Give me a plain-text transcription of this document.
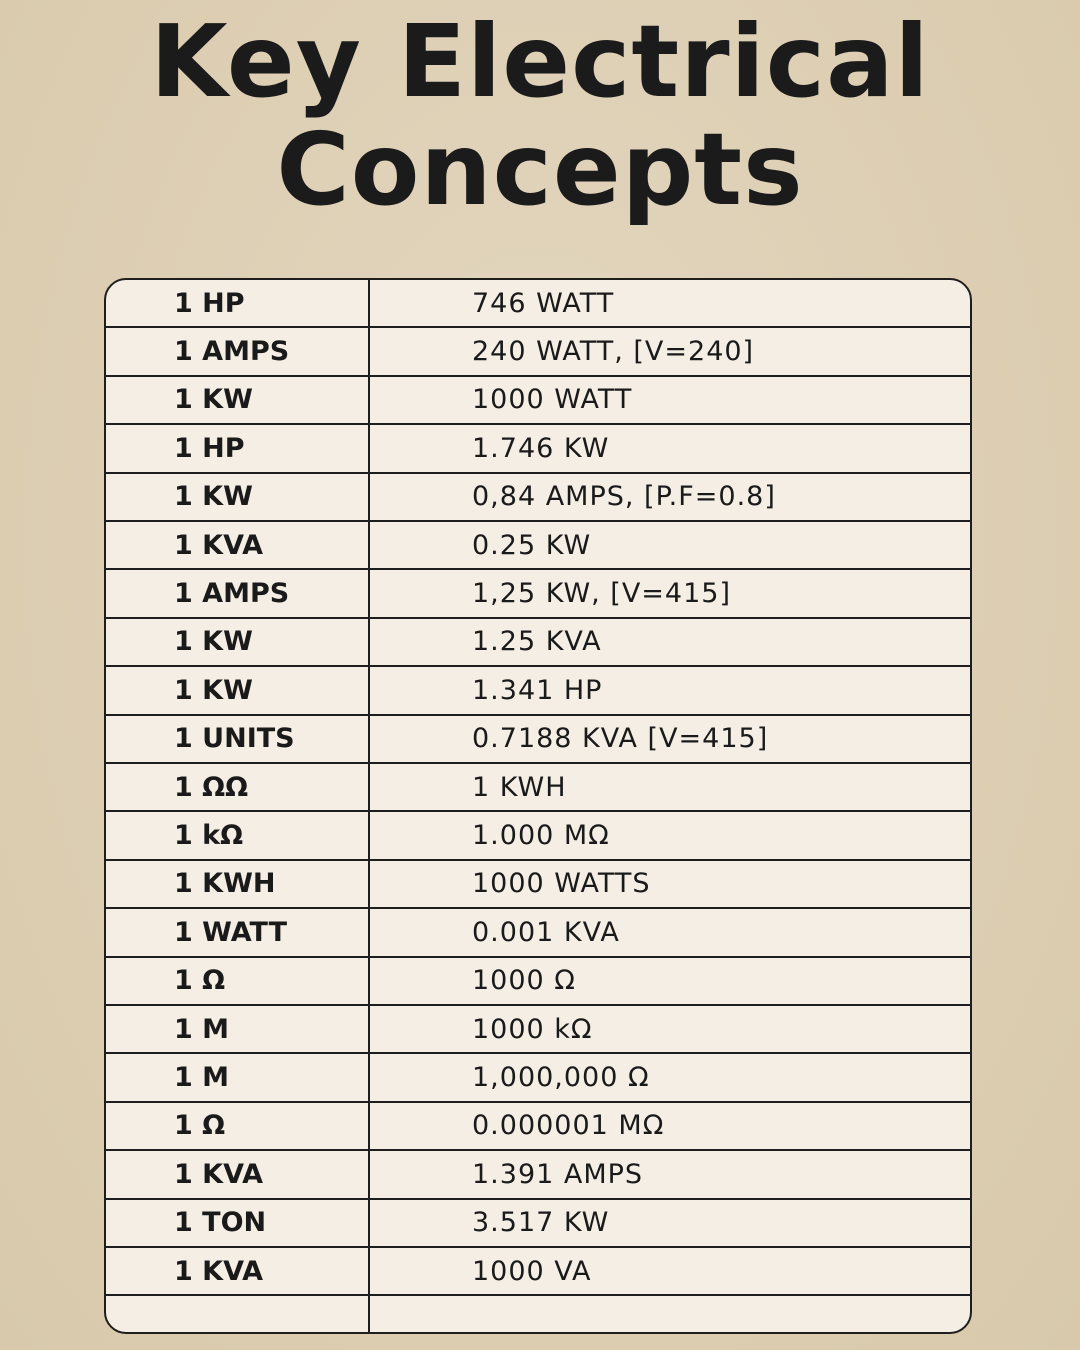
Key Electrical
Concepts
1 HP	746 WATT
1 AMPS	240 WATT, [V=240]
1 KW	1000 WATT
1 HP	1.746 KW
1 KW	0,84 AMPS, [P.F=0.8]
1 KVA	0.25 KW
1 AMPS	1,25 KW, [V=415]
1 KW	1.25 KVA
1 KW	1.341 HP
1 UNITS	0.7188 KVA [V=415]
1 ΩΩ	1 KWH
1 kΩ	1.000 MΩ
1 KWH	1000 WATTS
1 WATT	0.001 KVA
1 Ω	1000 Ω
1 M	1000 kΩ
1 M	1,000,000 Ω
1 Ω	0.000001 MΩ
1 KVA	1.391 AMPS
1 TON	3.517 KW
1 KVA	1000 VA
